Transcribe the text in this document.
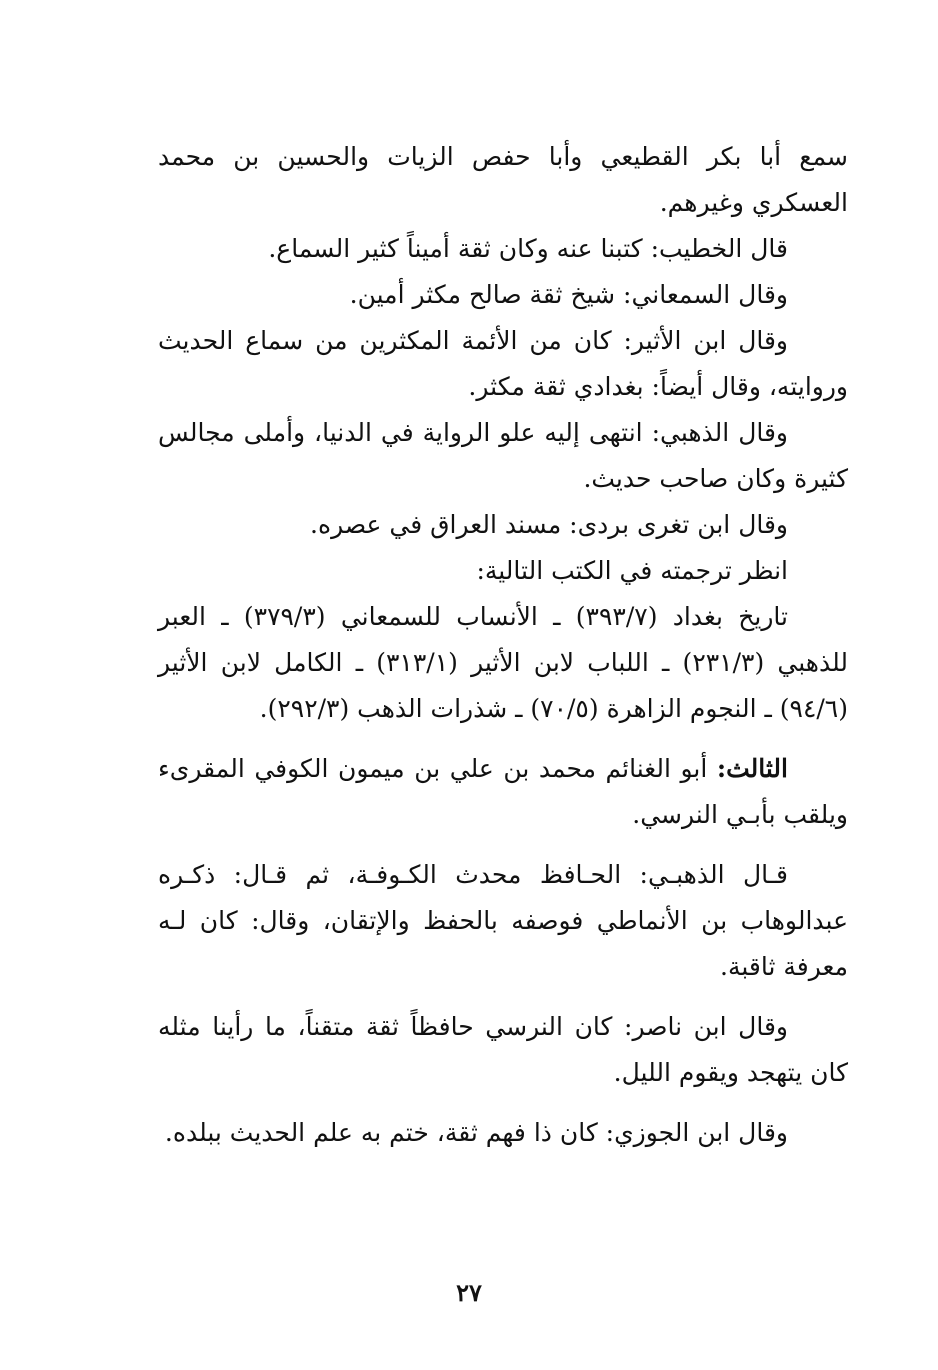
سمع أبا بكر القطيعي وأبا حفص الزيات والحسين بن محمد العسكري وغيرهم.

قال الخطيب: كتبنا عنه وكان ثقة أميناً كثير السماع.

وقال السمعاني: شيخ ثقة صالح مكثر أمين.

وقال ابن الأثير: كان من الأئمة المكثرين من سماع الحديث وروايته، وقال أيضاً: بغدادي ثقة مكثر.

وقال الذهبي: انتهى إليه علو الرواية في الدنيا، وأملى مجالس كثيرة وكان صاحب حديث.

وقال ابن تغرى بردى: مسند العراق في عصره.

انظر ترجمته في الكتب التالية:

تاريخ بغداد (٣٩٣/٧) ـ الأنساب للسمعاني (٣٧٩/٣) ـ العبر للذهبي (٢٣١/٣) ـ اللباب لابن الأثير (٣١٣/١) ـ الكامل لابن الأثير (٩٤/٦) ـ النجوم الزاهرة (٧٠/٥) ـ شذرات الذهب (٢٩٢/٣).

الثالث: أبو الغنائم محمد بن علي بن ميمون الكوفي المقرىء ويلقب بأبـي النرسي.

قـال الذهبـي: الحـافظ محدث الكـوفـة، ثم قـال: ذكـره عبدالوهاب بن الأنماطي فوصفه بالحفظ والإتقان، وقال: كان لـه معرفة ثاقبة.

وقال ابن ناصر: كان النرسي حافظاً ثقة متقناً، ما رأينا مثله كان يتهجد ويقوم الليل.

وقال ابن الجوزي: كان ذا فهم ثقة، ختم به علم الحديث ببلده.

٢٧
